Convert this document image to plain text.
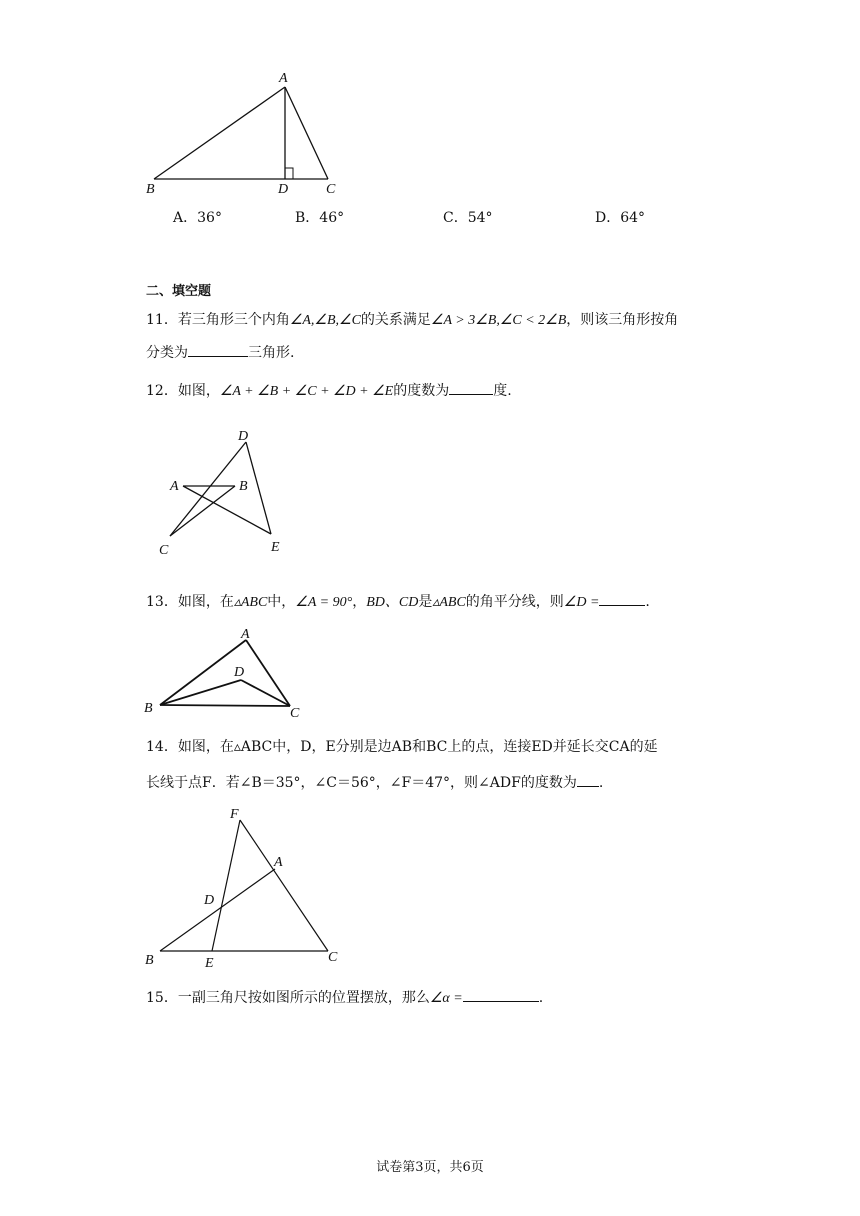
A
B	D	C
A．36°	B．46°	C．54°	D．64°
二、填空题
11．若三角形三个内角∠A,∠B,∠C的关系满足∠A > 3∠B,∠C < 2∠B，则该三角形按角
分类为	三角形.
12．如图，∠A + ∠B + ∠C + ∠D + ∠E的度数为	度.
D
A	B
C	E
13．如图，在▵ABC中，∠A = 90°，BD、CD是▵ABC的角平分线，则∠D =	.
A
D
B	C
14．如图，在▵ABC中，D，E分别是边AB和BC上的点，连接ED并延长交CA的延
长线于点F．若∠B＝35°，∠C＝56°，∠F＝47°，则∠ADF的度数为 .
F
A
D
B	E	C
15．一副三角尺按如图所示的位置摆放，那么∠α =	.
试卷第3页，共6页
